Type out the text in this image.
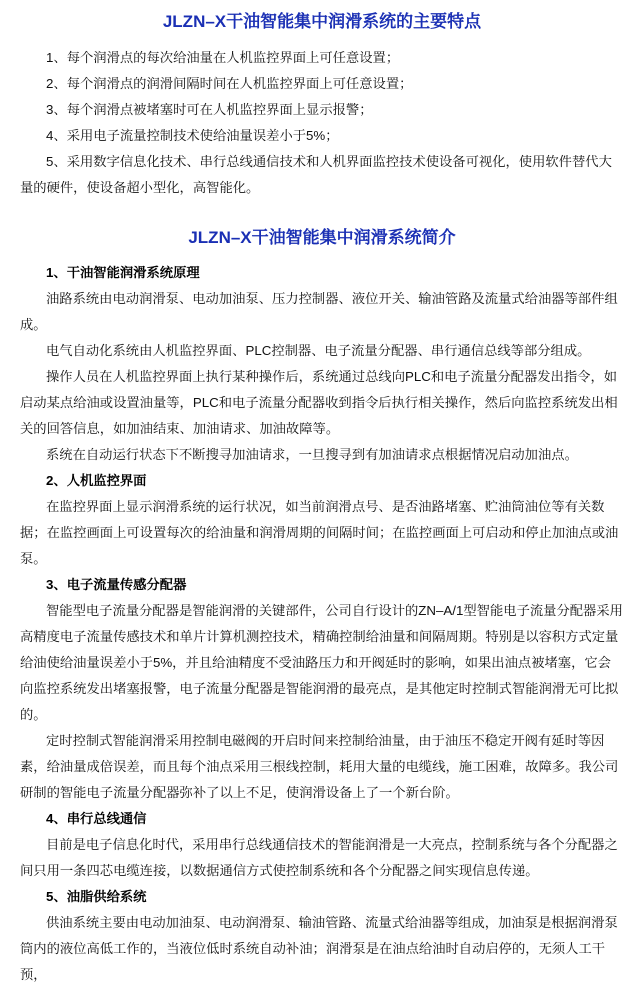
JLZN–X干油智能集中润滑系统的主要特点

1、每个润滑点的每次给油量在人机监控界面上可任意设置；

2、每个润滑点的润滑间隔时间在人机监控界面上可任意设置；

3、每个润滑点被堵塞时可在人机监控界面上显示报警；

4、采用电子流量控制技术使给油量误差小于5%；

5、采用数字信息化技术、串行总线通信技术和人机界面监控技术使设备可视化，使用软件替代大量的硬件，使设备超小型化，高智能化。

JLZN–X干油智能集中润滑系统简介

1、干油智能润滑系统原理

油路系统由电动润滑泵、电动加油泵、压力控制器、液位开关、输油管路及流量式给油器等部件组成。

电气自动化系统由人机监控界面、PLC控制器、电子流量分配器、串行通信总线等部分组成。

操作人员在人机监控界面上执行某种操作后，系统通过总线向PLC和电子流量分配器发出指令，如启动某点给油或设置油量等，PLC和电子流量分配器收到指令后执行相关操作，然后向监控系统发出相关的回答信息，如加油结束、加油请求、加油故障等。

系统在自动运行状态下不断搜寻加油请求，一旦搜寻到有加油请求点根据情况启动加油点。

2、人机监控界面

在监控界面上显示润滑系统的运行状况，如当前润滑点号、是否油路堵塞、贮油筒油位等有关数据；在监控画面上可设置每次的给油量和润滑周期的间隔时间；在监控画面上可启动和停止加油点或油泵。

3、电子流量传感分配器

智能型电子流量分配器是智能润滑的关键部件，公司自行设计的ZN–A/1型智能电子流量分配器采用高精度电子流量传感技术和单片计算机测控技术，精确控制给油量和间隔周期。特别是以容积方式定量给油使给油量误差小于5%，并且给油精度不受油路压力和开阀延时的影响，如果出油点被堵塞，它会向监控系统发出堵塞报警，电子流量分配器是智能润滑的最亮点，是其他定时控制式智能润滑无可比拟的。

定时控制式智能润滑采用控制电磁阀的开启时间来控制给油量，由于油压不稳定开阀有延时等因素，给油量成倍误差，而且每个油点采用三根线控制，耗用大量的电缆线，施工困难，故障多。我公司研制的智能电子流量分配器弥补了以上不足，使润滑设备上了一个新台阶。

4、串行总线通信

目前是电子信息化时代，采用串行总线通信技术的智能润滑是一大亮点，控制系统与各个分配器之间只用一条四芯电缆连接，以数据通信方式使控制系统和各个分配器之间实现信息传递。

5、油脂供给系统

供油系统主要由电动加油泵、电动润滑泵、输油管路、流量式给油器等组成，加油泵是根据润滑泵筒内的液位高低工作的，当液位低时系统自动补油；润滑泵是在油点给油时自动启停的，无须人工干预，
